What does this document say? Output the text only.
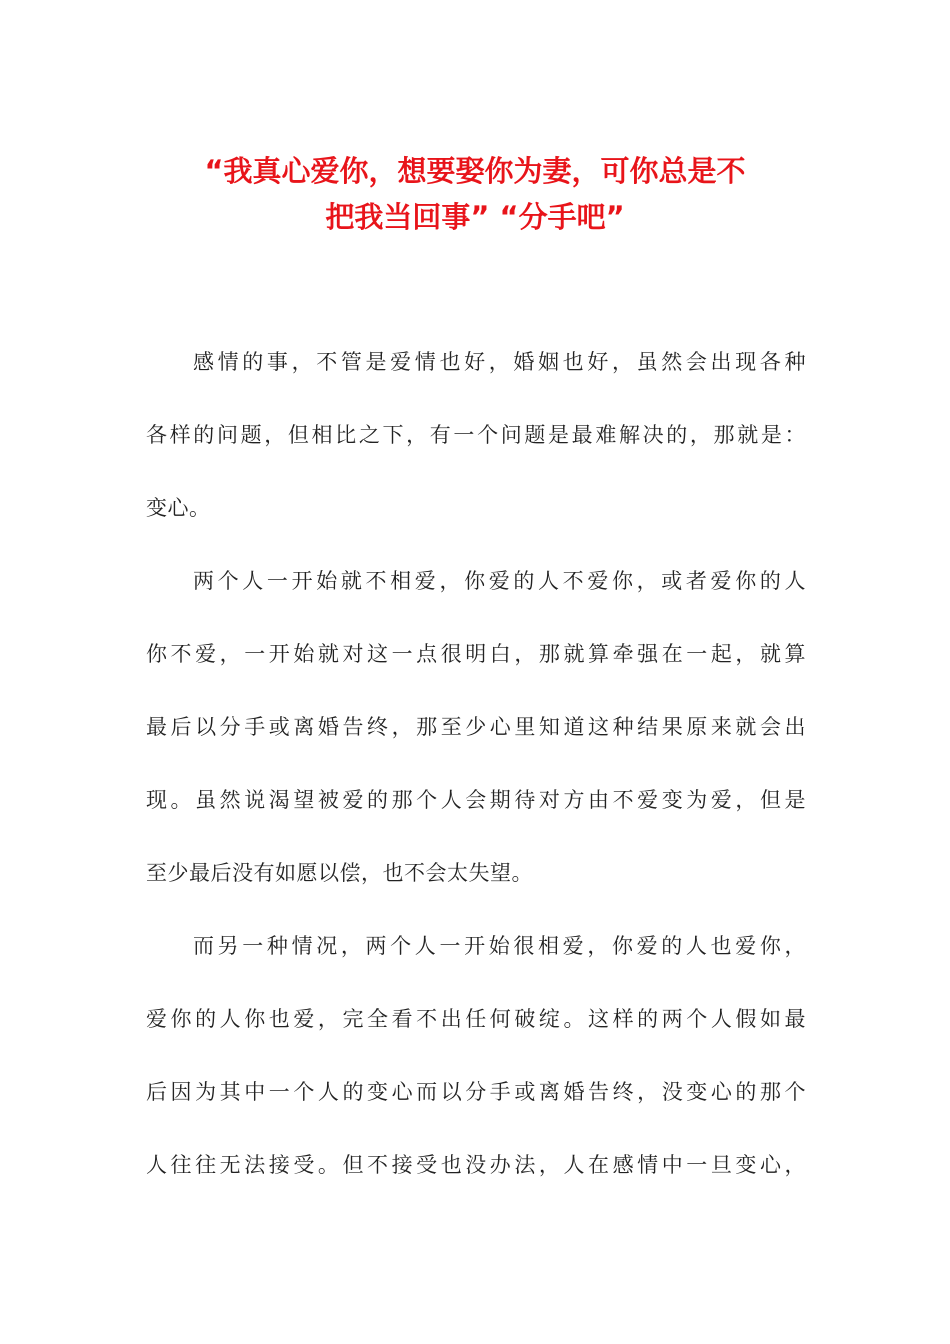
“我真心爱你，想要娶你为妻，可你总是不
把我当回事” “分手吧”

感情的事，不管是爱情也好，婚姻也好，虽然会出现各种
各样的问题，但相比之下，有一个问题是最难解决的，那就是：
变心。

两个人一开始就不相爱，你爱的人不爱你，或者爱你的人
你不爱，一开始就对这一点很明白，那就算牵强在一起，就算
最后以分手或离婚告终，那至少心里知道这种结果原来就会出
现。虽然说渴望被爱的那个人会期待对方由不爱变为爱，但是
至少最后没有如愿以偿，也不会太失望。

而另一种情况，两个人一开始很相爱，你爱的人也爱你，
爱你的人你也爱，完全看不出任何破绽。这样的两个人假如最
后因为其中一个人的变心而以分手或离婚告终，没变心的那个
人往往无法接受。但不接受也没办法，人在感情中一旦变心，
